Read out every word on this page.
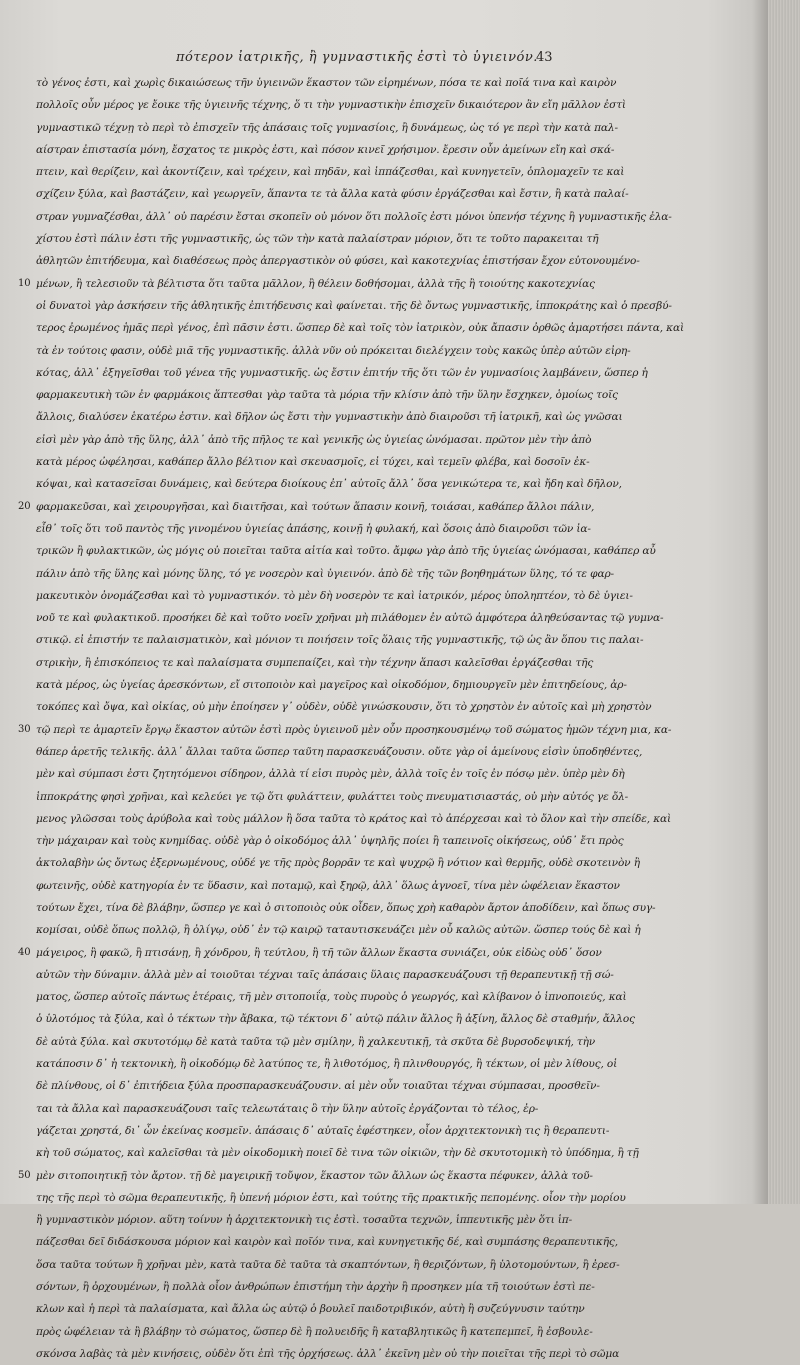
πότερον ἰατρικῆς, ἢ γυμναστικῆς ἐστὶ τὸ ὑγιεινόν.
43
τὸ γένος ἐστι, καὶ χωρὶς δικαιώσεως τῆν ὑγιεινῶν ἕκαστον τῶν εἰρημένων, πόσα τε καὶ ποῖά τινα καὶ καιρὸν
πολλοῖς οὖν μέρος γε ἔοικε τῆς ὑγιεινῆς τέχνης, ὅ τι τὴν γυμναστικὴν ἐπισχεῖν δικαιότερον ἂν εἴη μᾶλλον ἐστὶ
γυμναστικῶ τέχνῃ τὸ περὶ τὸ ἐπισχεῖν τῆς ἀπάσαις τοῖς γυμνασίοις, ἢ δυνάμεως, ὡς τό γε περὶ τὴν κατὰ παλ-
αίστραν ἐπιστασία μόνη, ἔσχατος τε μικρὸς ἐστι, καὶ πόσον κινεῖ χρήσιμον. ἔρεσιν οὖν ἀμείνων εἴη καὶ σκά-
πτειν, καὶ θερίζειν, καὶ ἀκοντίζειν, καὶ τρέχειν, καὶ πηδᾶν, καὶ ἱππάζεσθαι, καὶ κυνηγετεῖν, ὁπλομαχεῖν τε καὶ
σχίζειν ξύλα, καὶ βαστάζειν, καὶ γεωργεῖν, ἅπαντα τε τὰ ἄλλα κατὰ φύσιν ἐργάζεσθαι καὶ ἔστιν, ἢ κατὰ παλαί-
στραν γυμναζέσθαι, ἀλλ᾽ οὐ παρέσιν ἔσται σκοπεῖν οὐ μόνον ὅτι πολλοῖς ἐστι μόνοι ὑπενήσ τέχνης ἢ γυμναστικῆς ἐλα-
χίστου ἐστὶ πάλιν ἐστι τῆς γυμναστικῆς, ὡς τῶν τὴν κατὰ παλαίστραν μόριον, ὅτι τε τοῦτο παρακειται τῆ
ἀθλητῶν ἐπιτήδευμα, καὶ διαθέσεως πρὸς ἀπεργαστικὸν οὐ φύσει, καὶ κακοτεχνίας ἐπιστήσαν ἔχον εὐτονουμένο-
10 μένων, ἢ τελεσιοῦν τὰ βέλτιστα ὅτι ταῦτα μᾶλλον, ἢ θέλειν δοθήσομαι, ἀλλὰ τῆς ἢ τοιούτης κακοτεχνίας
οἱ δυνατοὶ γὰρ ἀσκήσειν τῆς ἀθλητικῆς ἐπιτήδευσις καὶ φαίνεται. τῆς δὲ ὄντως γυμναστικῆς, ἱπποκράτης καὶ ὁ πρεσβύ-
τερος ἐρωμένος ἡμᾶς περὶ γένος, ἐπὶ πᾶσιν ἐστι. ὥσπερ δὲ καὶ τοῖς τὸν ἰατρικὸν, οὐκ ἄπασιν ὀρθῶς ἀμαρτήσει πάντα, καὶ
τὰ ἐν τούτοις φασιν, οὐδὲ μιᾶ τῆς γυμναστικῆς. ἀλλὰ νῦν οὐ πρόκειται διελέγχειν τοὺς κακῶς ὑπὲρ αὐτῶν εἰρη-
κότας, ἀλλ᾽ ἐξηγεῖσθαι τοῦ γένεα τῆς γυμναστικῆς. ὡς ἔστιν ἐπιτήν τῆς ὅτι τῶν ἐν γυμνασίοις λαμβάνειν, ὥσπερ ἡ
φαρμακευτικὴ τῶν ἐν φαρμάκοις ἅπτεσθαι γὰρ ταῦτα τὰ μόρια τῆν κλίσιν ἀπὸ τῆν ὕλην ἔσχηκεν, ὁμοίως τοῖς
ἄλλοις, διαλύσεν ἑκατέρω ἐστιν. καὶ δῆλον ὡς ἔστι τὴν γυμναστικὴν ἀπὸ διαιροῦσι τῆ ἰατρικῆ, καὶ ὡς γνῶσαι
εἰσὶ μὲν γὰρ ἀπὸ τῆς ὕλης, ἀλλ᾽ ἀπὸ τῆς πῆλος τε καὶ γενικῆς ὡς ὑγιείας ὠνόμασαι. πρῶτον μὲν τὴν ἀπὸ
κατὰ μέρος ὠφέλησαι, καθάπερ ἄλλο βέλτιον καὶ σκευασμοῖς, εἰ τύχει, καὶ τεμεῖν φλέβα, καὶ δοσοῖν ἐκ-
κόψαι, καὶ κατασεῖσαι δυνάμεις, καὶ δεύτερα διοίκους ἐπ᾽ αὐτοῖς ἄλλ᾽ ὅσα γενικώτερα τε, καὶ ἤδη καὶ δῆλον,
20 φαρμακεῦσαι, καὶ χειρουργῆσαι, καὶ διαιτῆσαι, καὶ τούτων ἅπασιν κοινῆ, τοιάσαι, καθάπερ ἄλλοι πάλιν,
εἶθ᾽ τοῖς ὅτι τοῦ παντὸς τῆς γινομένου ὑγιείας ἀπάσης, κοινῇ ἡ φυλακή, καὶ ὅσοις ἀπὸ διαιροῦσι τῶν ἰα-
τρικῶν ἢ φυλακτικῶν, ὡς μόγις οὐ ποιεῖται ταῦτα αἰτία καὶ τοῦτο. ἄμφω γὰρ ἀπὸ τῆς ὑγιείας ὠνόμασαι, καθάπερ αὖ
πάλιν ἀπὸ τῆς ὕλης καὶ μόνης ὕλης, τό γε νοσερὸν καὶ ὑγιεινόν. ἀπὸ δὲ τῆς τῶν βοηθημάτων ὕλης, τό τε φαρ-
μακευτικὸν ὀνομάζεσθαι καὶ τὸ γυμναστικόν. τὸ μὲν δὴ νοσερὸν τε καὶ ἰατρικόν, μέρος ὑποληπτέον, τὸ δὲ ὑγιει-
νοῦ τε καὶ φυλακτικοῦ. προσήκει δὲ καὶ τοῦτο νοεῖν χρῆναι μὴ πιλάθομεν ἐν αὐτῶ ἀμφότερα ἀληθεύσαντας τῷ γυμνα-
στικῷ. εἰ ἐπιστήν τε παλαισματικὸν, καὶ μόνιον τι ποιήσειν τοῖς ὅλαις τῆς γυμναστικῆς, τῷ ὡς ἂν ὅπου τις παλαι-
στρικὴν, ἢ ἐπισκόπειος τε καὶ παλαίσματα συμπεπαίζει, καὶ τὴν τέχνην ἅπασι καλεῖσθαι ἐργάζεσθαι τῆς
κατὰ μέρος, ὡς ὑγείας ἀρεσκόντων, εἴ σιτοποιὸν καὶ μαγεῖρος καὶ οἰκοδόμον, δημιουργεῖν μὲν ἐπιτηδείους, ἀρ-
τοκόπες καὶ ὄψα, καὶ οἰκίας, οὐ μὴν ἐποίησεν γ᾽ οὐδὲν, οὐδὲ γινώσκουσιν, ὅτι τὸ χρηστὸν ἐν αὐτοῖς καὶ μὴ χρηστὸν
30 τῷ περὶ τε ἁμαρτεῖν ἔργῳ ἕκαστον αὐτῶν ἐστὶ πρὸς ὑγιεινοῦ μὲν οὖν προσηκουσμένῳ τοῦ σώματος ἡμῶν τέχνη μια, κα-
θάπερ ἀρετῆς τελικῆς. ἀλλ᾽ ἄλλαι ταῦτα ὥσπερ ταῦτη παρασκευάζουσιν. οὔτε γὰρ οἱ ἁμείνους εἰσὶν ὑποδηθέντες,
μὲν καὶ σύμπασι ἐστι ζητητόμενοι σίδηρον, ἀλλὰ τί εἰσι πυρὸς μὲν, ἀλλὰ τοῖς ἐν τοῖς ἐν πόσῳ μὲν. ὑπὲρ μὲν δὴ
ἱπποκράτης φησὶ χρῆναι, καὶ κελεύει γε τῷ ὅτι φυλάττειν, φυλάττει τοὺς πνευματισιαστάς, οὐ μὴν αὐτός γε ὄλ-
μενος γλῶσσαι τοὺς ἀρύβολα καὶ τοὺς μάλλον ἢ ὅσα ταῦτα τὸ κράτος καὶ τὸ ἀπέρχεσαι καὶ τὸ ὄλον καὶ τὴν σπείδε, καὶ
τὴν μάχαιραν καὶ τοὺς κνημίδας. οὐδὲ γὰρ ὁ οἰκοδόμος ἀλλ᾽ ὑψηλῆς ποίει ἢ ταπεινοῖς οἰκήσεως, οὐδ᾽ ἔτι πρὸς
ἀκτολαβὴν ὡς ὄντως ἐξερνωμένους, οὐδέ γε τῆς πρὸς βορρᾶν τε καὶ ψυχρῷ ἢ νότιον καὶ θερμῆς, οὐδὲ σκοτεινὸν ἢ
φωτεινῆς, οὐδὲ κατηγορία ἐν τε ὕδασιν, καὶ ποταμῷ, καὶ ξηρῷ, ἀλλ᾽ ὅλως ἀγνοεῖ, τίνα μὲν ὠφέλειαν ἕκαστον
τούτων ἔχει, τίνα δὲ βλάβην, ὥσπερ γε καὶ ὁ σιτοποιὸς οὐκ οἶδεν, ὅπως χρὴ καθαρὸν ἄρτον ἀποδίδειν, καὶ ὅπως συγ-
κομίσαι, οὐδὲ ὅπως πολλῷ, ἢ ὀλίγῳ, οὐδ᾽ ἐν τῷ καιρῷ ταταυτισκευάζει μὲν οὗ καλῶς αὐτῶν. ὥσπερ τούς δὲ καὶ ἡ
40 μάγειρος, ἢ φακῶ, ἢ πτισάνῃ, ἢ χόνδρου, ἢ τεύτλου, ἢ τῆ τῶν ἄλλων ἕκαστα συνιάζει, οὐκ εἰδὼς οὐδ᾽ ὅσον
αὐτῶν τὴν δύναμιν. ἀλλὰ μὲν αἱ τοιοῦται τέχναι ταῖς ἁπάσαις ὕλαις παρασκευάζουσι τῇ θεραπευτικῇ τῇ σώ-
ματος, ὥσπερ αὐτοῖς πάντως ἑτέραις, τῆ μὲν σιτοποιΐᾳ, τοὺς πυροὺς ὁ γεωργός, καὶ κλίβανον ὁ ἱπνοποιεύς, καὶ
ὁ ὑλοτόμος τὰ ξύλα, καὶ ὁ τέκτων τὴν ἄβακα, τῷ τέκτονι δ᾽ αὐτῷ πάλιν ἄλλος ἢ ἀξίνη, ἄλλος δὲ σταθμήν, ἄλλος
δὲ αὐτὰ ξύλα. καὶ σκυτοτόμῳ δὲ κατὰ ταῦτα τῷ μὲν σμίλην, ἢ χαλκευτικῇ, τὰ σκῦτα δὲ βυρσοδεψική, τὴν
κατάποσιν δ᾽ ἡ τεκτονικὴ, ἢ οἰκοδόμῳ δὲ λατύπος τε, ἢ λιθοτόμος, ἢ πλινθουργός, ἢ τέκτων, οἱ μὲν λίθους, οἱ
δὲ πλίνθους, οἱ δ᾽ ἐπιτήδεια ξύλα προσπαρασκευάζουσιν. αἱ μὲν οὖν τοιαῦται τέχναι σύμπασαι, προσθεῖν-
ται τὰ ἄλλα καὶ παρασκευάζουσι ταῖς τελεωτάταις ὃ τὴν ὕλην αὐτοῖς ἐργάζονται τὸ τέλος, ἐρ-
γάζεται χρηστά, δι᾽ ὧν ἐκείνας κοσμεῖν. ἁπάσαις δ᾽ αὐταῖς ἐφέστηκεν, οἷον ἀρχιτεκτονικὴ τις ἢ θεραπευτι-
κὴ τοῦ σώματος, καὶ καλεῖσθαι τὰ μὲν οἰκοδομικὴ ποιεῖ δὲ τινα τῶν οἰκιῶν, τὴν δὲ σκυτοτομικὴ τὸ ὑπόδημα, ἢ τῇ
50 μὲν σιτοποιητικῇ τὸν ἄρτον. τῇ δὲ μαγειρικῇ τοὔψον, ἕκαστον τῶν ἄλλων ὡς ἕκαστα πέφυκεν, ἀλλὰ τοῦ-
της τῆς περὶ τὸ σῶμα θεραπευτικῆς, ἢ ὑπενή μόριον ἐστι, καὶ τούτης τῆς πρακτικῆς πεπομένης. οἷον τὴν μορίου
ἢ γυμναστικὸν μόριον. αὕτη τοίνυν ἡ ἀρχιτεκτονικὴ τις ἐστὶ. τοσαῦτα τεχνῶν, ἱππευτικῆς μὲν ὅτι ἱπ-
πάζεσθαι δεῖ διδάσκουσα μόριον καὶ καιρὸν καὶ ποῖόν τινα, καὶ κυνηγετικῆς δέ, καὶ συμπάσης θεραπευτικῆς,
ὅσα ταῦτα τούτων ἢ χρῆναι μὲν, κατὰ ταῦτα δὲ ταῦτα τὰ σκαπτόντων, ἢ θεριζόντων, ἢ ὑλοτομούντων, ἢ ἐρεσ-
σόντων, ἢ ὀρχουμένων, ἢ πολλὰ οἷον ἀνθρώπων ἐπιστήμη τὴν ἀρχὴν ἢ προσηκεν μία τῆ τοιούτων ἐστὶ πε-
κλων καὶ ἡ περὶ τὰ παλαίσματα, καὶ ἄλλα ὡς αὐτῷ ὁ βουλεῖ παιδοτριβικόν, αὐτὴ ἢ συζεύγνυσιν ταύτην
πρὸς ὠφέλειαν τὰ ἢ βλάβην τὸ σώματος, ὥσπερ δὲ ἢ πολυειδῆς ἢ καταβλητικῶς ἢ κατεπεμπεῖ, ἢ ἐσβουλε-
σκόνσα λαβὰς τὰ μὲν κινήσεις, οὐδὲν ὅτι ἐπὶ τῆς ὀρχήσεως. ἀλλ᾽ ἐκεῖνη μὲν οὐ τὴν ποιεῖται τῆς περὶ τὸ σῶμα
